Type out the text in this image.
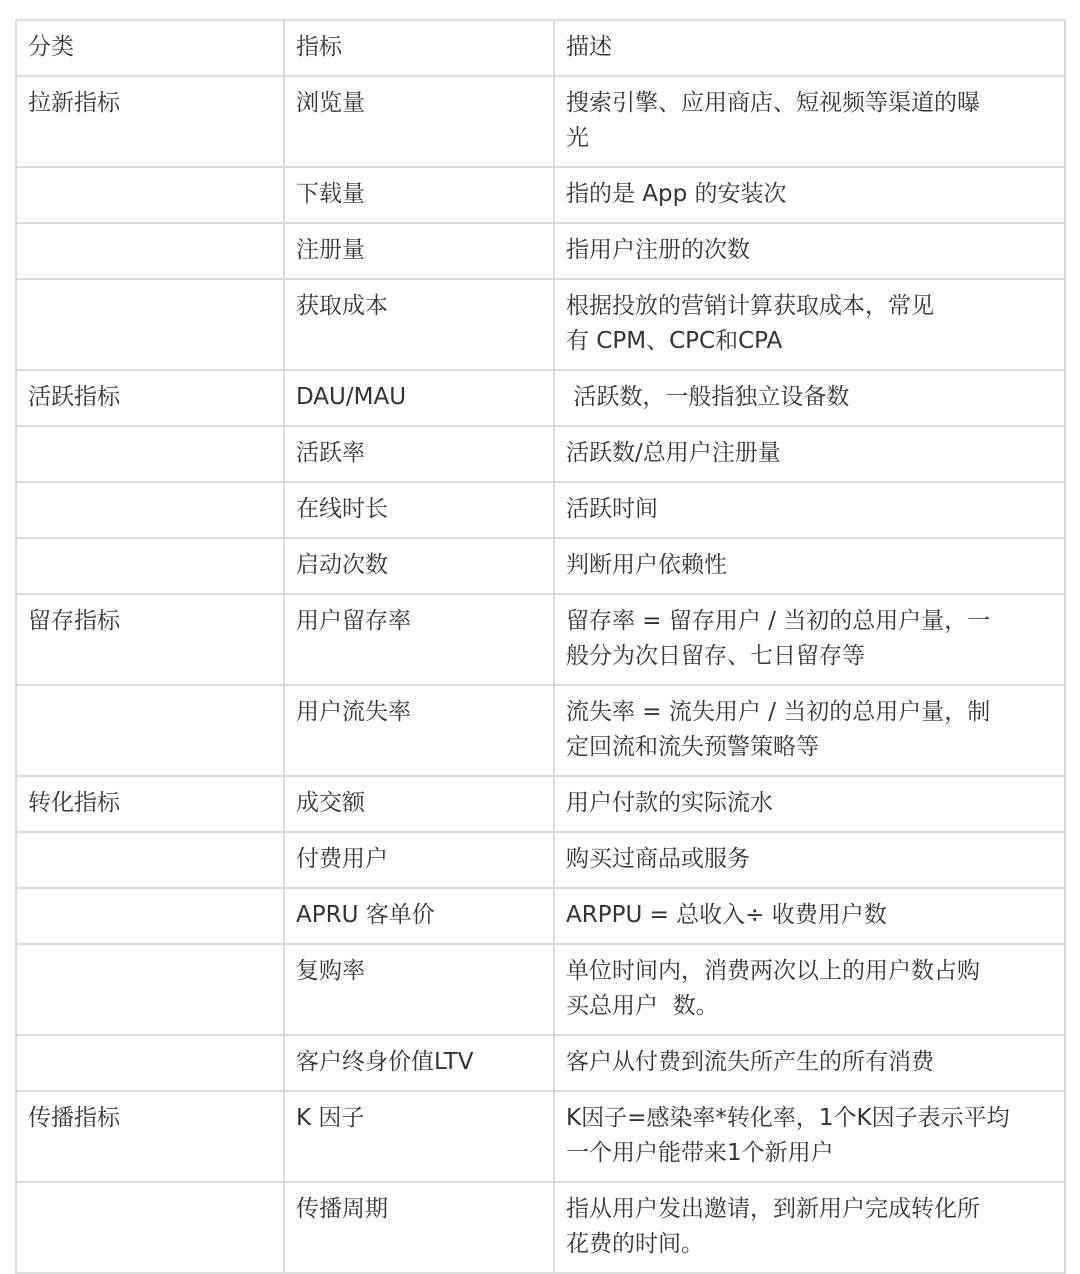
分类	指标	描述
拉新指标	浏览量	搜索引擎、应用商店、短视频等渠道的曝
光
	下载量	指的是 App 的安装次
	注册量	指用户注册的次数
	获取成本	根据投放的营销计算获取成本，常见
有 CPM、CPC和CPA
活跃指标	DAU/MAU	活跃数，一般指独立设备数
	活跃率	活跃数/总用户注册量
	在线时长	活跃时间
	启动次数	判断用户依赖性
留存指标	用户留存率	留存率 = 留存用户 / 当初的总用户量，一
般分为次日留存、七日留存等
	用户流失率	流失率 = 流失用户 / 当初的总用户量，制
定回流和流失预警策略等
转化指标	成交额	用户付款的实际流水
	付费用户	购买过商品或服务
	APRU 客单价	ARPPU = 总收入÷ 收费用户数
	复购率	单位时间内，消费两次以上的用户数占购
买总用户  数。
	客户终身价值LTV	客户从付费到流失所产生的所有消费
传播指标	K 因子	K因子=感染率*转化率，1个K因子表示平均
一个用户能带来1个新用户
	传播周期	指从用户发出邀请，到新用户完成转化所
花费的时间。
